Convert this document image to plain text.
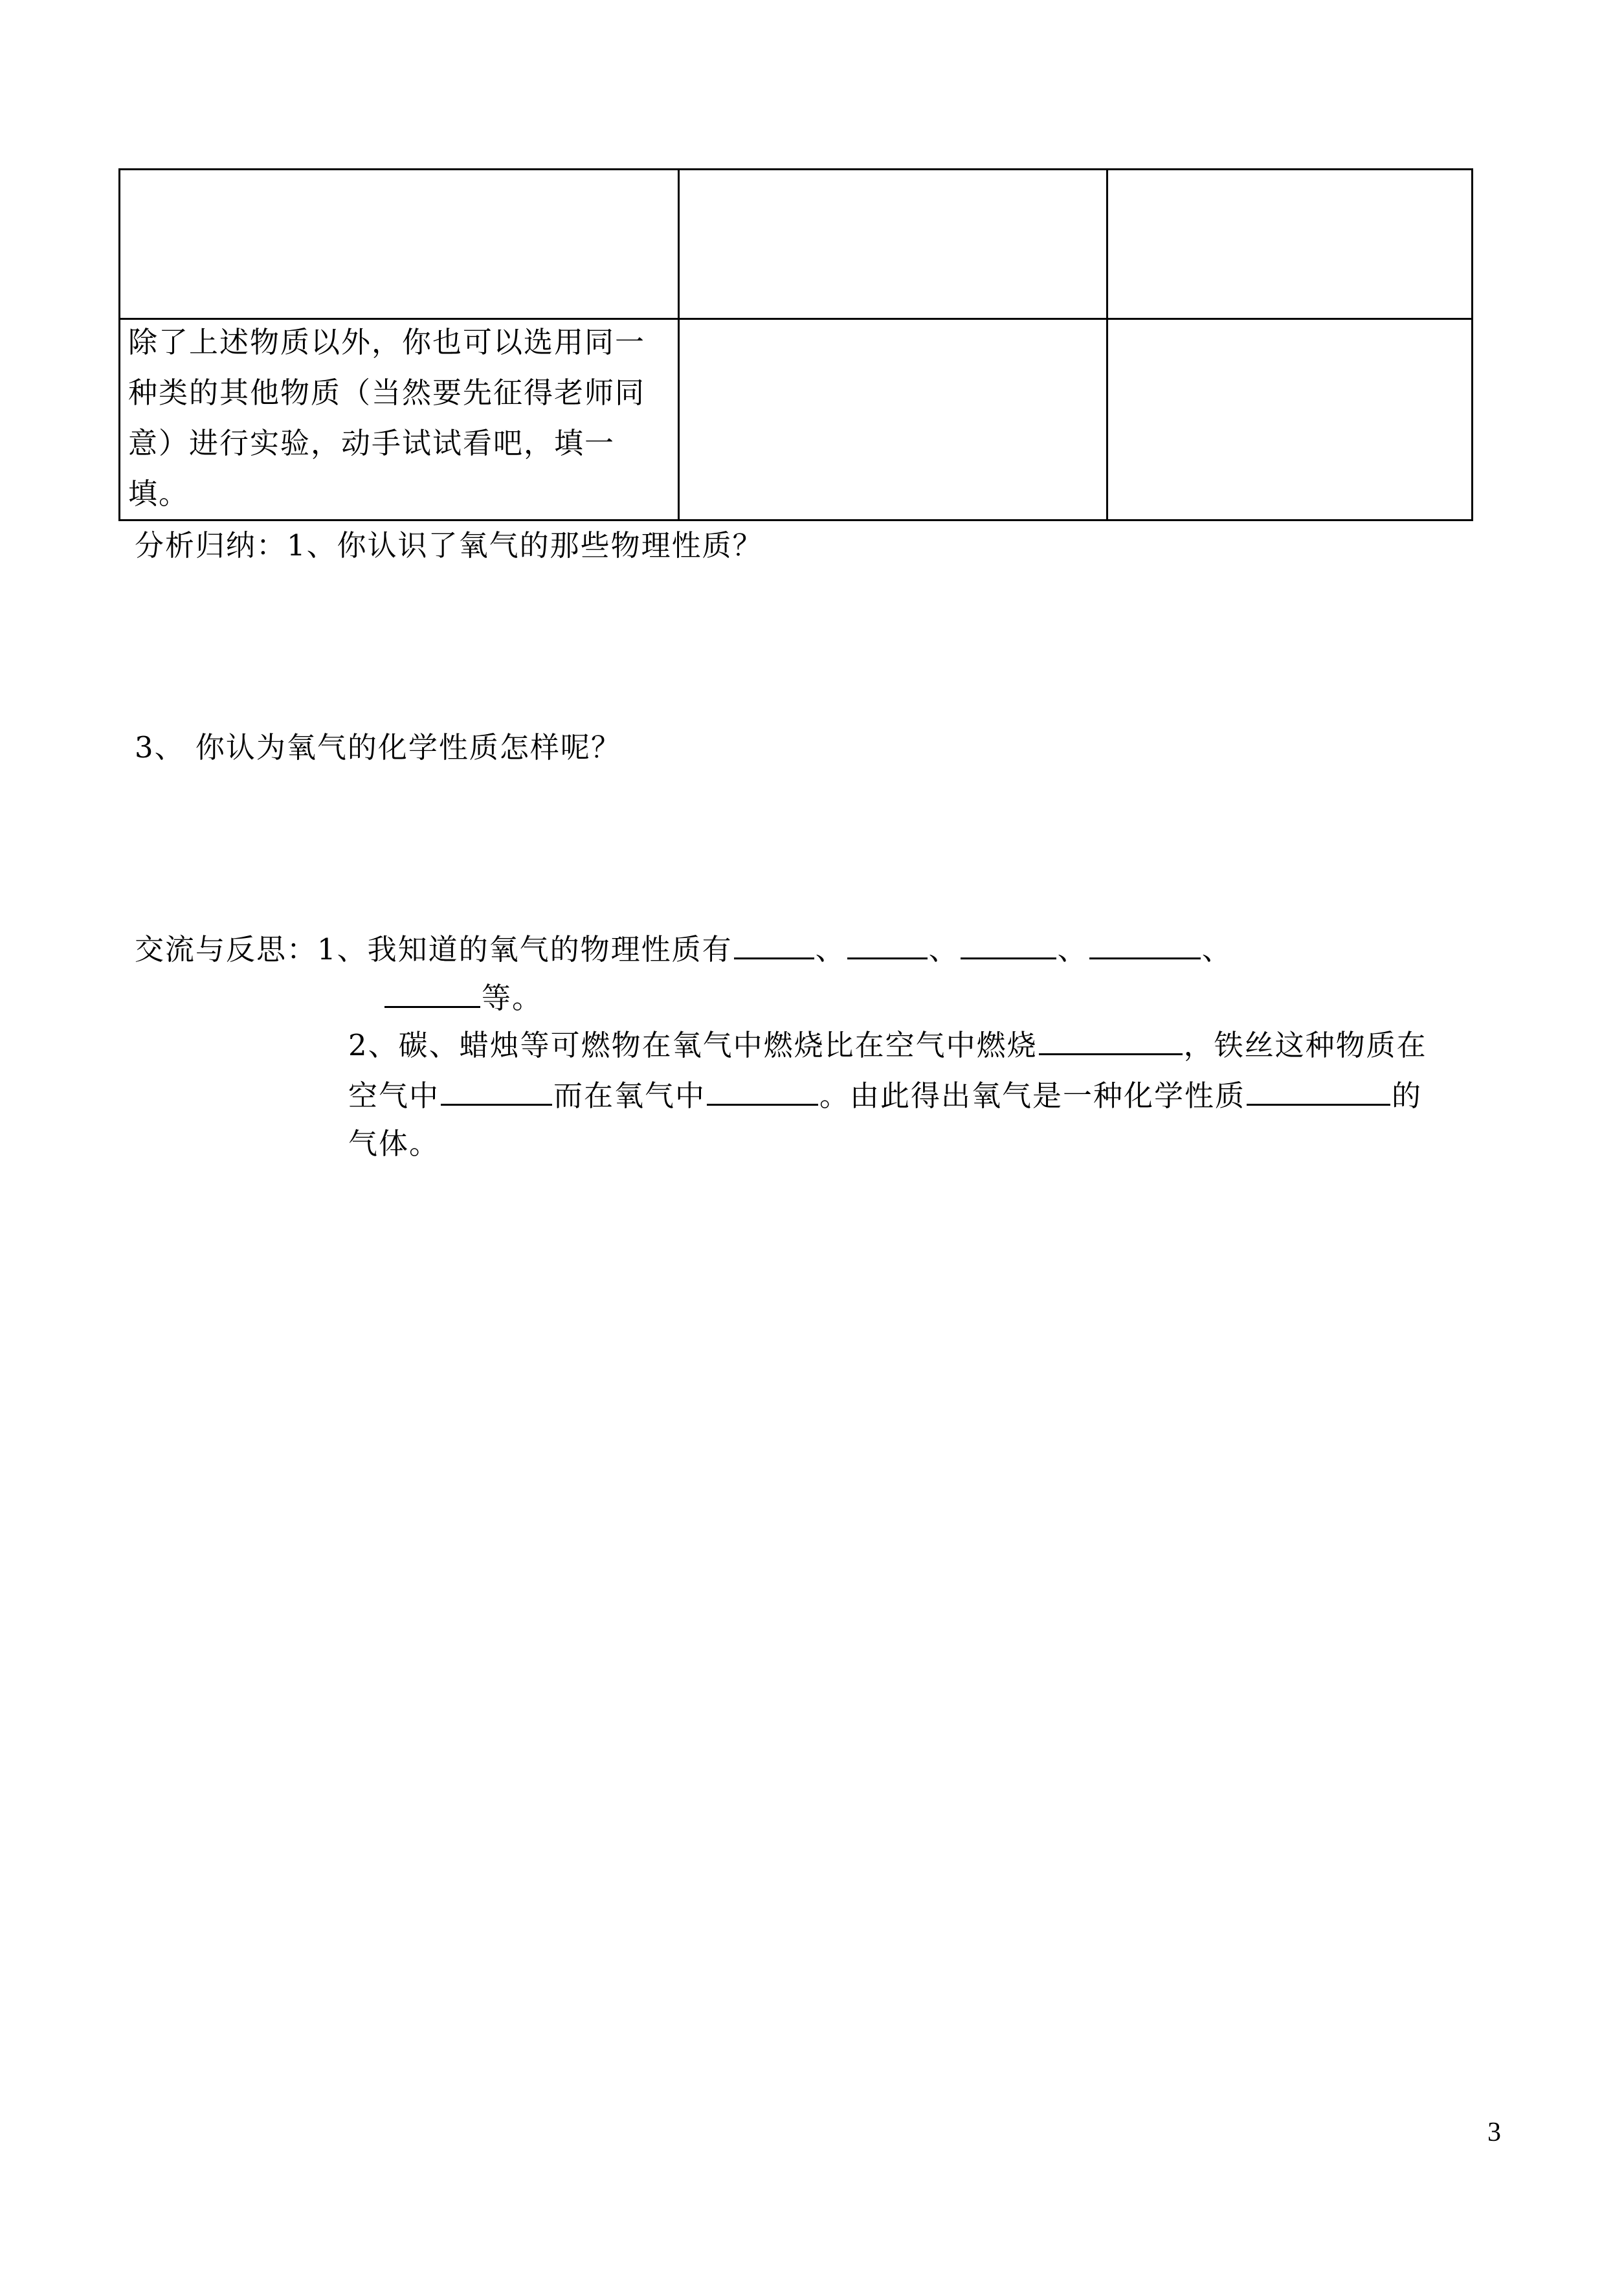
除了上述物质以外，你也可以选用同一种类的其他物质（当然要先征得老师同意）进行实验，动手试试看吧，填一填。		

分析归纳：1、你认识了氧气的那些物理性质？
3、 你认为氧气的化学性质怎样呢？
交流与反思：1、我知道的氧气的物理性质有	、	、	、	、
等。
2、碳、蜡烛等可燃物在氧气中燃烧比在空气中燃烧	，铁丝这种物质在
空气中	而在氧气中	。由此得出氧气是一种化学性质	的
气体。
3
